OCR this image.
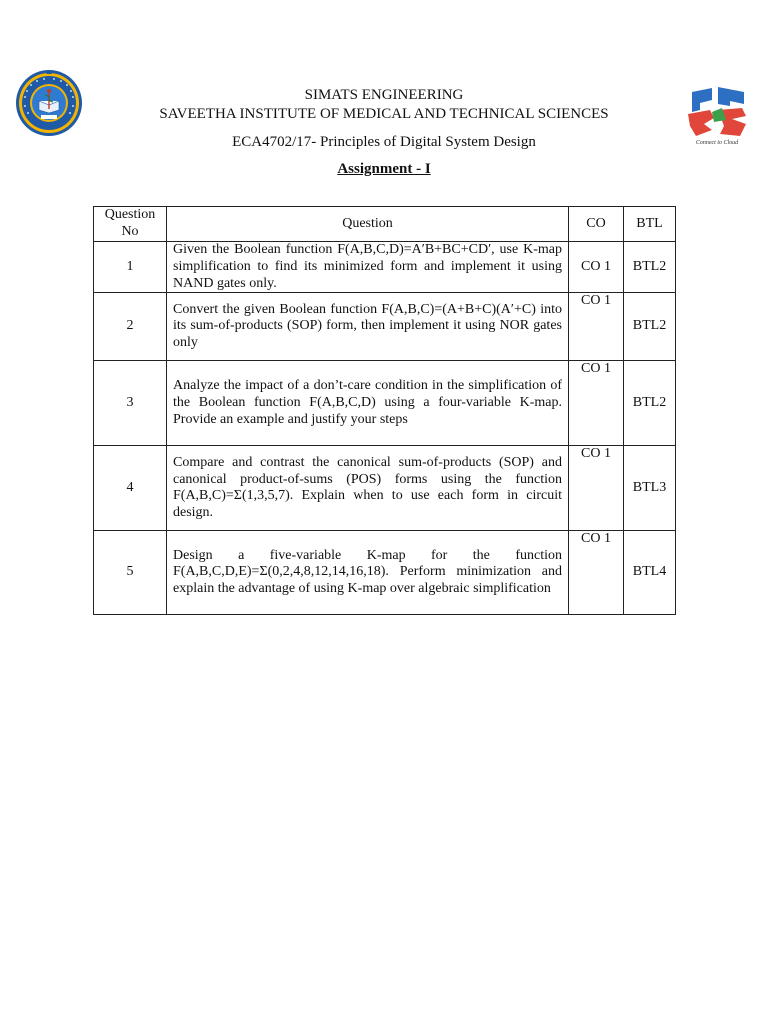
Connect to Cloud
SIMATS ENGINEERING
SAVEETHA INSTITUTE OF MEDICAL AND TECHNICAL SCIENCES
ECA4702/17- Principles of Digital System Design
Assignment - I
Question No	Question	CO	BTL
1	Given the Boolean function F(A,B,C,D)=A′B+BC+CD′, use K-map simplification to find its minimized form and implement it using NAND gates only.	CO 1	BTL2
2	Convert the given Boolean function F(A,B,C)=(A+B+C)(A′+C) into its sum-of-products (SOP) form, then implement it using NOR gates only	CO 1	BTL2
3	Analyze the impact of a don’t-care condition in the simplification of the Boolean function F(A,B,C,D) using a four-variable K-map. Provide an example and justify your steps	CO 1	BTL2
4	Compare and contrast the canonical sum-of-products (SOP) and canonical product-of-sums (POS) forms using the function F(A,B,C)=Σ(1,3,5,7). Explain when to use each form in circuit design.	CO 1	BTL3
5	Design a five-variable K-map for the function F(A,B,C,D,E)=Σ(0,2,4,8,12,14,16,18). Perform minimization and explain the advantage of using K-map over algebraic simplification	CO 1	BTL4
